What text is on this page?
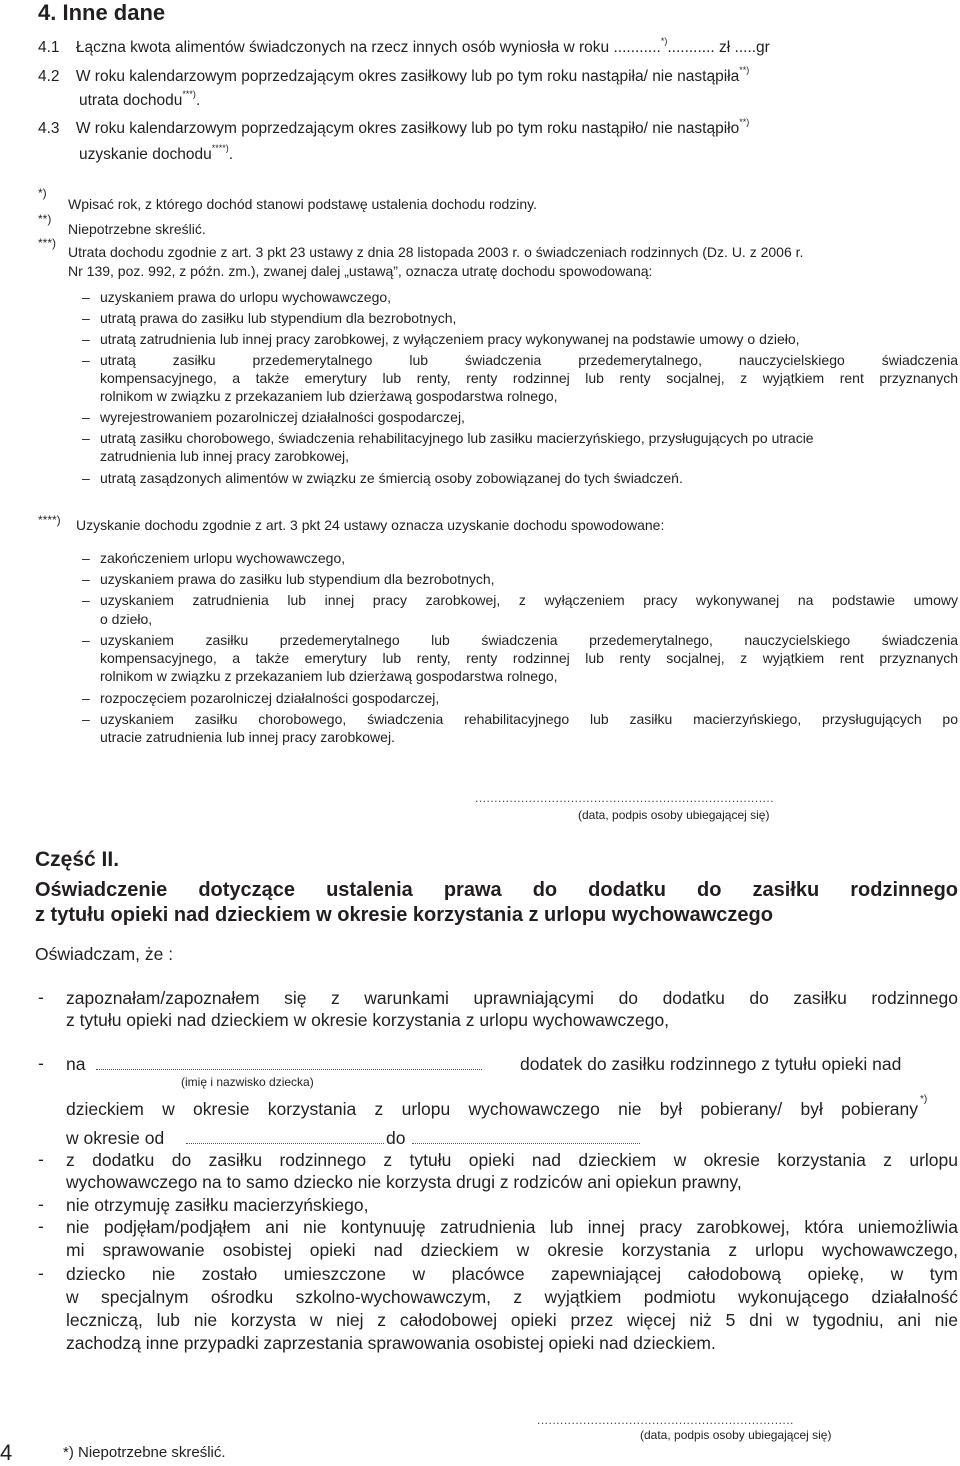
4. Inne dane
4.1 Łączna kwota alimentów świadczonych na rzecz innych osób wyniosła w roku ...........*)........... zł .....gr
4.2 W roku kalendarzowym poprzedzającym okres zasiłkowy lub po tym roku nastąpiła/ nie nastąpiła**)
utrata dochodu***).
4.3 W roku kalendarzowym poprzedzającym okres zasiłkowy lub po tym roku nastąpiło/ nie nastąpiło**)
uzyskanie dochodu****).
*)
Wpisać rok, z którego dochód stanowi podstawę ustalenia dochodu rodziny.
**)
Niepotrzebne skreślić.
***)
Utrata dochodu zgodnie z art. 3 pkt 23 ustawy z dnia 28 listopada 2003 r. o świadczeniach rodzinnych (Dz. U. z 2006 r.
Nr 139, poz. 992, z późn. zm.), zwanej dalej „ustawą”, oznacza utratę dochodu spowodowaną:
– uzyskaniem prawa do urlopu wychowawczego,
– utratą prawa do zasiłku lub stypendium dla bezrobotnych,
– utratą zatrudnienia lub innej pracy zarobkowej, z wyłączeniem pracy wykonywanej na podstawie umowy o dzieło,
– utratą zasiłku przedemerytalnego lub świadczenia przedemerytalnego, nauczycielskiego świadczenia
kompensacyjnego, a także emerytury lub renty, renty rodzinnej lub renty socjalnej, z wyjątkiem rent przyznanych
rolnikom w związku z przekazaniem lub dzierżawą gospodarstwa rolnego,
– wyrejestrowaniem pozarolniczej działalności gospodarczej,
– utratą zasiłku chorobowego, świadczenia rehabilitacyjnego lub zasiłku macierzyńskiego, przysługujących po utracie
zatrudnienia lub innej pracy zarobkowej,
– utratą zasądzonych alimentów w związku ze śmiercią osoby zobowiązanej do tych świadczeń.
****) Uzyskanie dochodu zgodnie z art. 3 pkt 24 ustawy oznacza uzyskanie dochodu spowodowane:
– zakończeniem urlopu wychowawczego,
– uzyskaniem prawa do zasiłku lub stypendium dla bezrobotnych,
– uzyskaniem zatrudnienia lub innej pracy zarobkowej, z wyłączeniem pracy wykonywanej na podstawie umowy
o dzieło,
– uzyskaniem zasiłku przedemerytalnego lub świadczenia przedemerytalnego, nauczycielskiego świadczenia
kompensacyjnego, a także emerytury lub renty, renty rodzinnej lub renty socjalnej, z wyjątkiem rent przyznanych
rolnikom w związku z przekazaniem lub dzierżawą gospodarstwa rolnego,
– rozpoczęciem pozarolniczej działalności gospodarczej,
– uzyskaniem zasiłku chorobowego, świadczenia rehabilitacyjnego lub zasiłku macierzyńskiego, przysługujących po
utracie zatrudnienia lub innej pracy zarobkowej.
..............................................................................
(data, podpis osoby ubiegającej się)
Część II.
Oświadczenie dotyczące ustalenia prawa do dodatku do zasiłku rodzinnego
z tytułu opieki nad dzieckiem w okresie korzystania z urlopu wychowawczego
Oświadczam, że :
- zapoznałam/zapoznałem się z warunkami uprawniającymi do dodatku do zasiłku rodzinnego
z tytułu opieki nad dzieckiem w okresie korzystania z urlopu wychowawczego,
- na	dodatek do zasiłku rodzinnego z tytułu opieki nad
(imię i nazwisko dziecka)
dzieckiem w okresie korzystania z urlopu wychowawczego nie był pobierany/ był pobierany *)
w okresie od	do
- z dodatku do zasiłku rodzinnego z tytułu opieki nad dzieckiem w okresie korzystania z urlopu
wychowawczego na to samo dziecko nie korzysta drugi z rodziców ani opiekun prawny,
- nie otrzymuję zasiłku macierzyńskiego,
- nie podjęłam/podjąłem ani nie kontynuuję zatrudnienia lub innej pracy zarobkowej, która uniemożliwia
mi sprawowanie osobistej opieki nad dzieckiem w okresie korzystania z urlopu wychowawczego,
- dziecko nie zostało umieszczone w placówce zapewniającej całodobową opiekę, w tym
w specjalnym ośrodku szkolno-wychowawczym, z wyjątkiem podmiotu wykonującego działalność
leczniczą, lub nie korzysta w niej z całodobowej opieki przez więcej niż 5 dni w tygodniu, ani nie
zachodzą inne przypadki zaprzestania sprawowania osobistej opieki nad dzieckiem.
4	*) Niepotrzebne skreślić.
...................................................................
(data, podpis osoby ubiegającej się)
